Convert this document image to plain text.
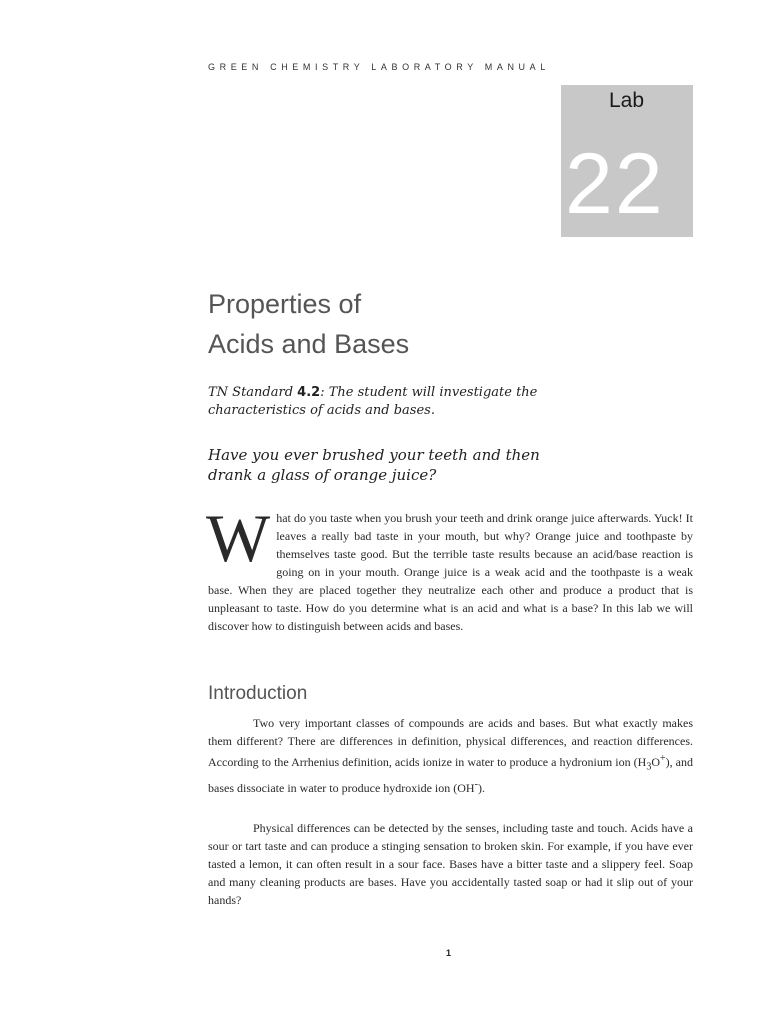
GREEN CHEMISTRY LABORATORY MANUAL
Lab
22
Properties of
Acids and Bases
TN Standard 4.2: The student will investigate the characteristics of acids and bases.
Have you ever brushed your teeth and then
drank a glass of orange juice?
What do you taste when you brush your teeth and drink orange juice afterwards. Yuck! It leaves a really bad taste in your mouth, but why? Orange juice and toothpaste by themselves taste good. But the terrible taste results because an acid/base reaction is going on in your mouth. Orange juice is a weak acid and the toothpaste is a weak base. When they are placed together they neutralize each other and produce a product that is unpleasant to taste. How do you determine what is an acid and what is a base? In this lab we will discover how to distinguish between acids and bases.
Introduction

Two very important classes of compounds are acids and bases. But what exactly makes them different? There are differences in definition, physical differences, and reaction differences. According to the Arrhenius definition, acids ionize in water to produce a hydronium ion $(H_3O^+)$, and bases dissociate in water to produce hydroxide ion (OH-).

Physical differences can be detected by the senses, including taste and touch. Acids have a sour or tart taste and can produce a stinging sensation to broken skin. For example, if you have ever tasted a lemon, it can often result in a sour face. Bases have a bitter taste and a slippery feel. Soap and many cleaning products are bases. Have you accidentally tasted soap or had it slip out of your hands?

1
